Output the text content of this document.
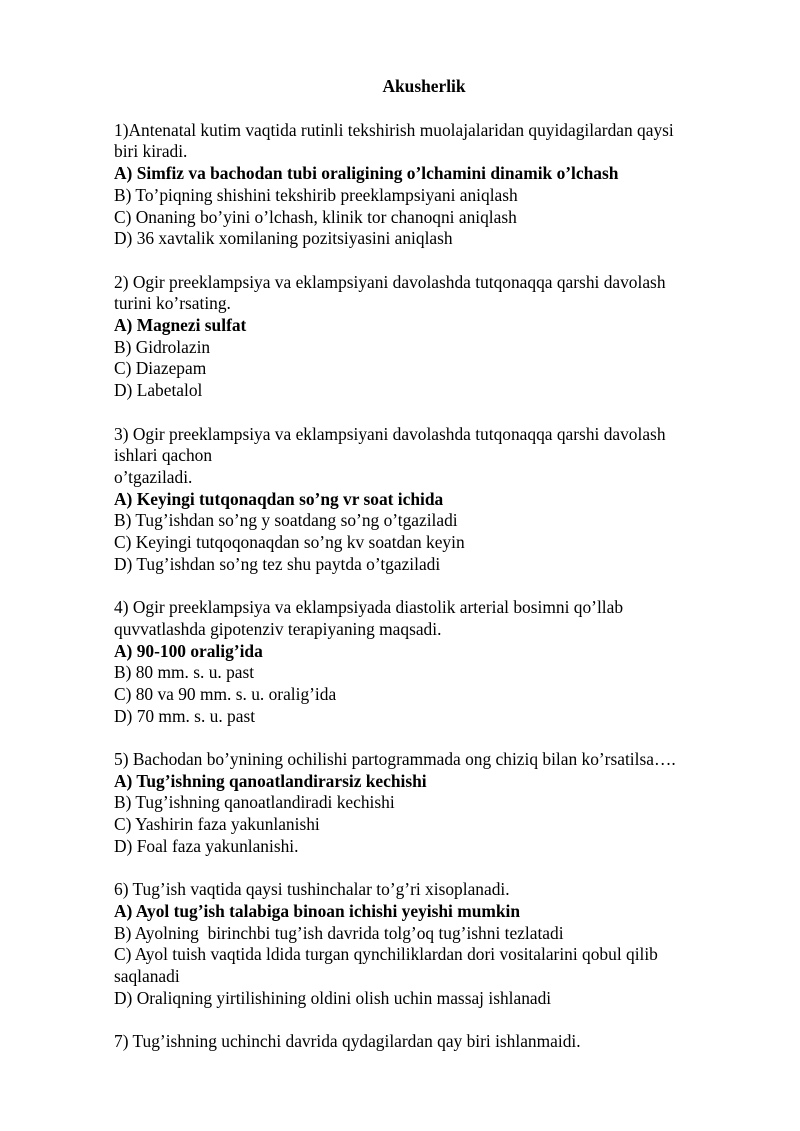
Akusherlik
1)Antenatal kutim vaqtida rutinli tekshirish muolajalaridan quyidagilardan qaysi
biri kiradi.
A) Simfiz va bachodan tubi oraligining o’lchamini dinamik o’lchash
B) To’piqning shishini tekshirib preeklampsiyani aniqlash
C) Onaning bo’yini o’lchash, klinik tor chanoqni aniqlash
D) 36 xavtalik xomilaning pozitsiyasini aniqlash
2) Ogir preeklampsiya va eklampsiyani davolashda tutqonaqqa qarshi davolash
turini ko’rsating.
A) Magnezi sulfat
B) Gidrolazin
C) Diazepam
D) Labetalol
3) Ogir preeklampsiya va eklampsiyani davolashda tutqonaqqa qarshi davolash
ishlari qachon
o’tgaziladi.
A) Keyingi tutqonaqdan so’ng vr soat ichida
B) Tug’ishdan so’ng y soatdang so’ng o’tgaziladi
C) Keyingi tutqoqonaqdan so’ng kv soatdan keyin
D) Tug’ishdan so’ng tez shu paytda o’tgaziladi
4) Ogir preeklampsiya va eklampsiyada diastolik arterial bosimni qo’llab
quvvatlashda gipotenziv terapiyaning maqsadi.
A) 90-100 oralig’ida
B) 80 mm. s. u. past
C) 80 va 90 mm. s. u. oralig’ida
D) 70 mm. s. u. past
5) Bachodan bo’ynining ochilishi partogrammada ong chiziq bilan ko’rsatilsa….
A) Tug’ishning qanoatlandirarsiz kechishi
B) Tug’ishning qanoatlandiradi kechishi
C) Yashirin faza yakunlanishi
D) Foal faza yakunlanishi.
6) Tug’ish vaqtida qaysi tushinchalar to’g’ri xisoplanadi.
A) Ayol tug’ish talabiga binoan ichishi yeyishi mumkin
B) Ayolning  birinchbi tug’ish davrida tolg’oq tug’ishni tezlatadi
C) Ayol tuish vaqtida ldida turgan qynchiliklardan dori vositalarini qobul qilib
saqlanadi
D) Oraliqning yirtilishining oldini olish uchin massaj ishlanadi
7) Tug’ishning uchinchi davrida qydagilardan qay biri ishlanmaidi.
